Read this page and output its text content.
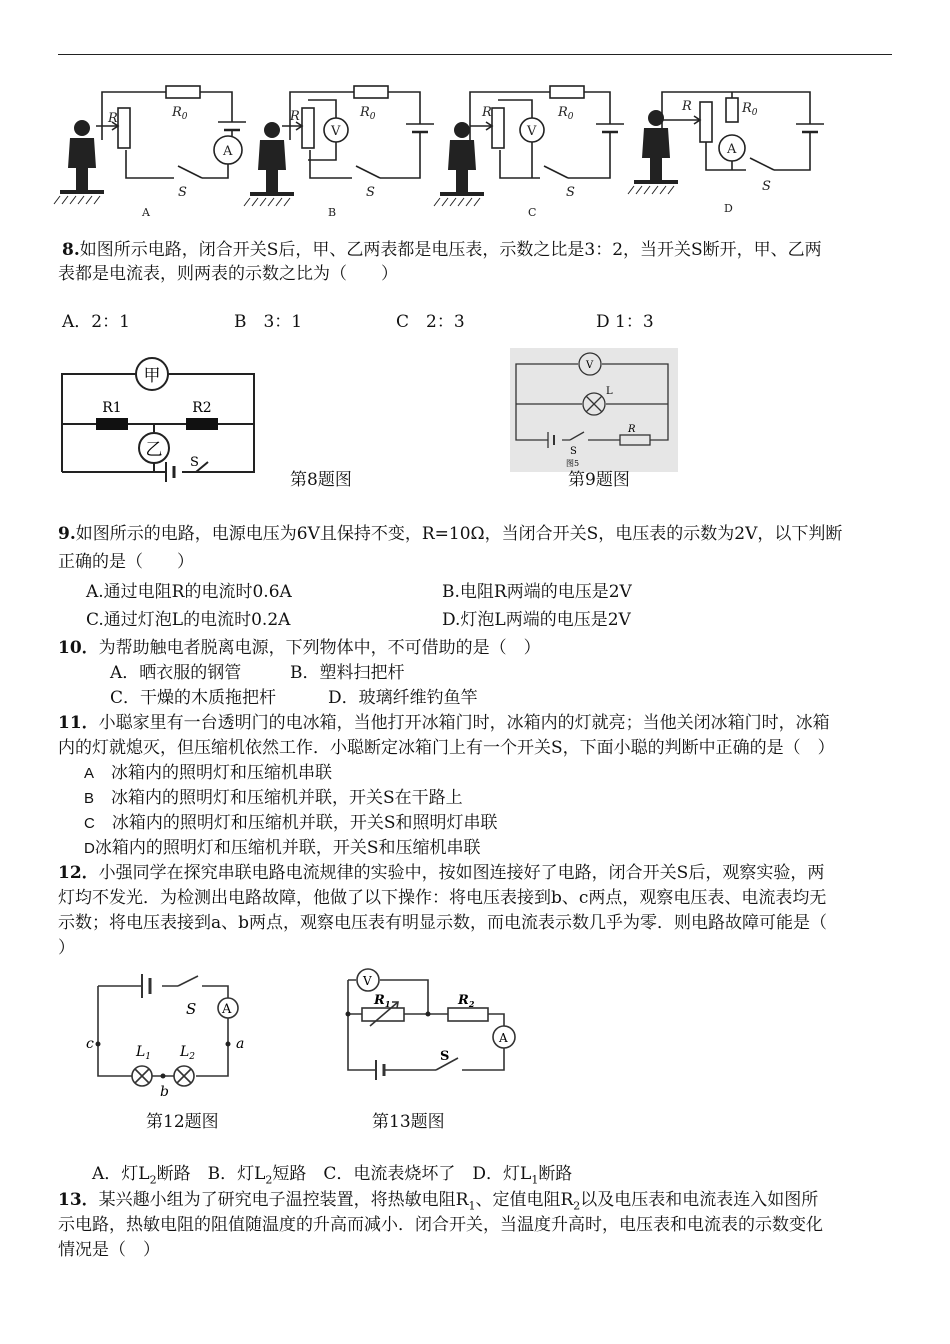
A
V	V
A
R	R	R	R
$R_0$	$R_0$	$R_0$
$R_0$
S	S	S	S
A	B	C	D
8.如图所示电路，闭合开关S后，甲、乙两表都是电压表，示数之比是3：2，当开关S断开，甲、乙两
表都是电流表，则两表的示数之比为（　　）
A．2：1	B　3：1	C　2：3	D 1：3
甲
乙
R1	R2
S
第8题图
V
L
S
R
图5
第9题图
9.如图所示的电路，电源电压为6V且保持不变，R=10Ω，当闭合开关S，电压表的示数为2V，以下判断
正确的是（　　）
A.通过电阻R的电流时0.6A	B.电阻R两端的电压是2V
C.通过灯泡L的电流时0.2A	D.灯泡L两端的电压是2V
10．为帮助触电者脱离电源，下列物体中，不可借助的是（　）
A．晒衣服的钢管	B．塑料扫把杆
C．干燥的木质拖把杆	D．玻璃纤维钓鱼竿
11．小聪家里有一台透明门的电冰箱，当他打开冰箱门时，冰箱内的灯就亮；当他关闭冰箱门时，冰箱
内的灯就熄灭，但压缩机依然工作．小聪断定冰箱门上有一个开关S，下面小聪的判断中正确的是（　）
A　 冰箱内的照明灯和压缩机串联
B　 冰箱内的照明灯和压缩机并联，开关S在干路上
C　 冰箱内的照明灯和压缩机并联，开关S和照明灯串联
D冰箱内的照明灯和压缩机并联，开关S和压缩机串联
12．小强同学在探究串联电路电流规律的实验中，按如图连接好了电路，闭合开关S后，观察实验，两
灯均不发光．为检测出电路故障，他做了以下操作：将电压表接到b、c两点，观察电压表、电流表均无
示数；将电压表接到a、b两点，观察电压表有明显示数，而电流表示数几乎为零．则电路故障可能是（
）
A
S
c	a
b
$L_1$ $L_2$
第12题图
V
A
$R_1$	$R_2$
S
第13题图
A．灯$L_2$断路　B．灯$L_2$短路　C．电流表烧坏了　D．灯$L_1$断路
13．某兴趣小组为了研究电子温控装置，将热敏电阻$R_1$、定值电阻$R_2$以及电压表和电流表连入如图所
示电路，热敏电阻的阻值随温度的升高而减小．闭合开关，当温度升高时，电压表和电流表的示数变化
情况是（　）
